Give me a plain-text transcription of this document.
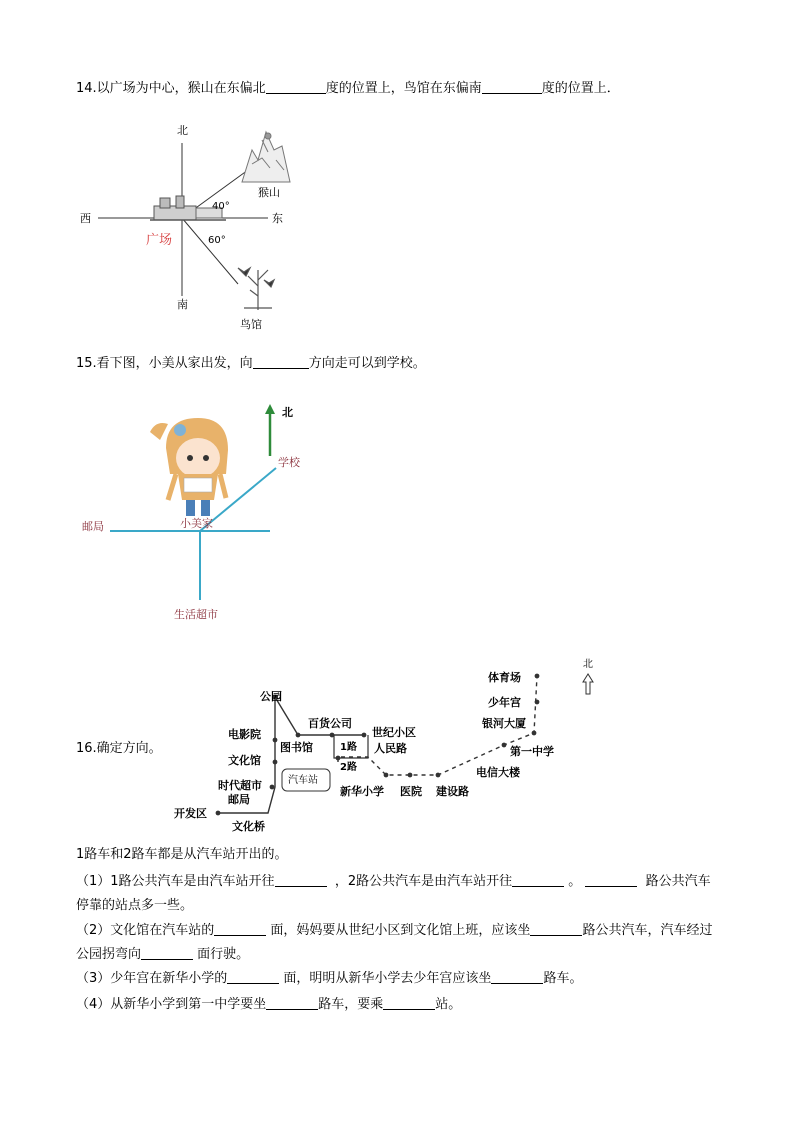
14.以广场为中心，猴山在东偏北	度的位置上，鸟馆在东偏南	度的位置上．
北
南
西	东
广场
猴山
鸟馆
40°
60°
15.看下图，小美从家出发，向	方向走可以到学校。
北
学校
小美家
邮局
生活超市
16.确定方向。
北
公园
电影院
文化馆
时代超市
邮局
开发区
文化桥
图书馆
百货公司
世纪小区
人民路
1路
2路
汽车站
新华小学 医院 建设路
电信大楼
第一中学
银河大厦
少年宫
体育场
1路车和2路车都是从汽车站开出的。
（1）1路公共汽车是由汽车站开往	，2路公共汽车是由汽车站开往	。	路公共汽车停靠的站点多一些。
（2）文化馆在汽车站的	面，妈妈要从世纪小区到文化馆上班，应该坐	路公共汽车，汽车经过公园拐弯向	面行驶。
（3）少年宫在新华小学的	面，明明从新华小学去少年宫应该坐	路车。
（4）从新华小学到第一中学要坐	路车，要乘	站。
